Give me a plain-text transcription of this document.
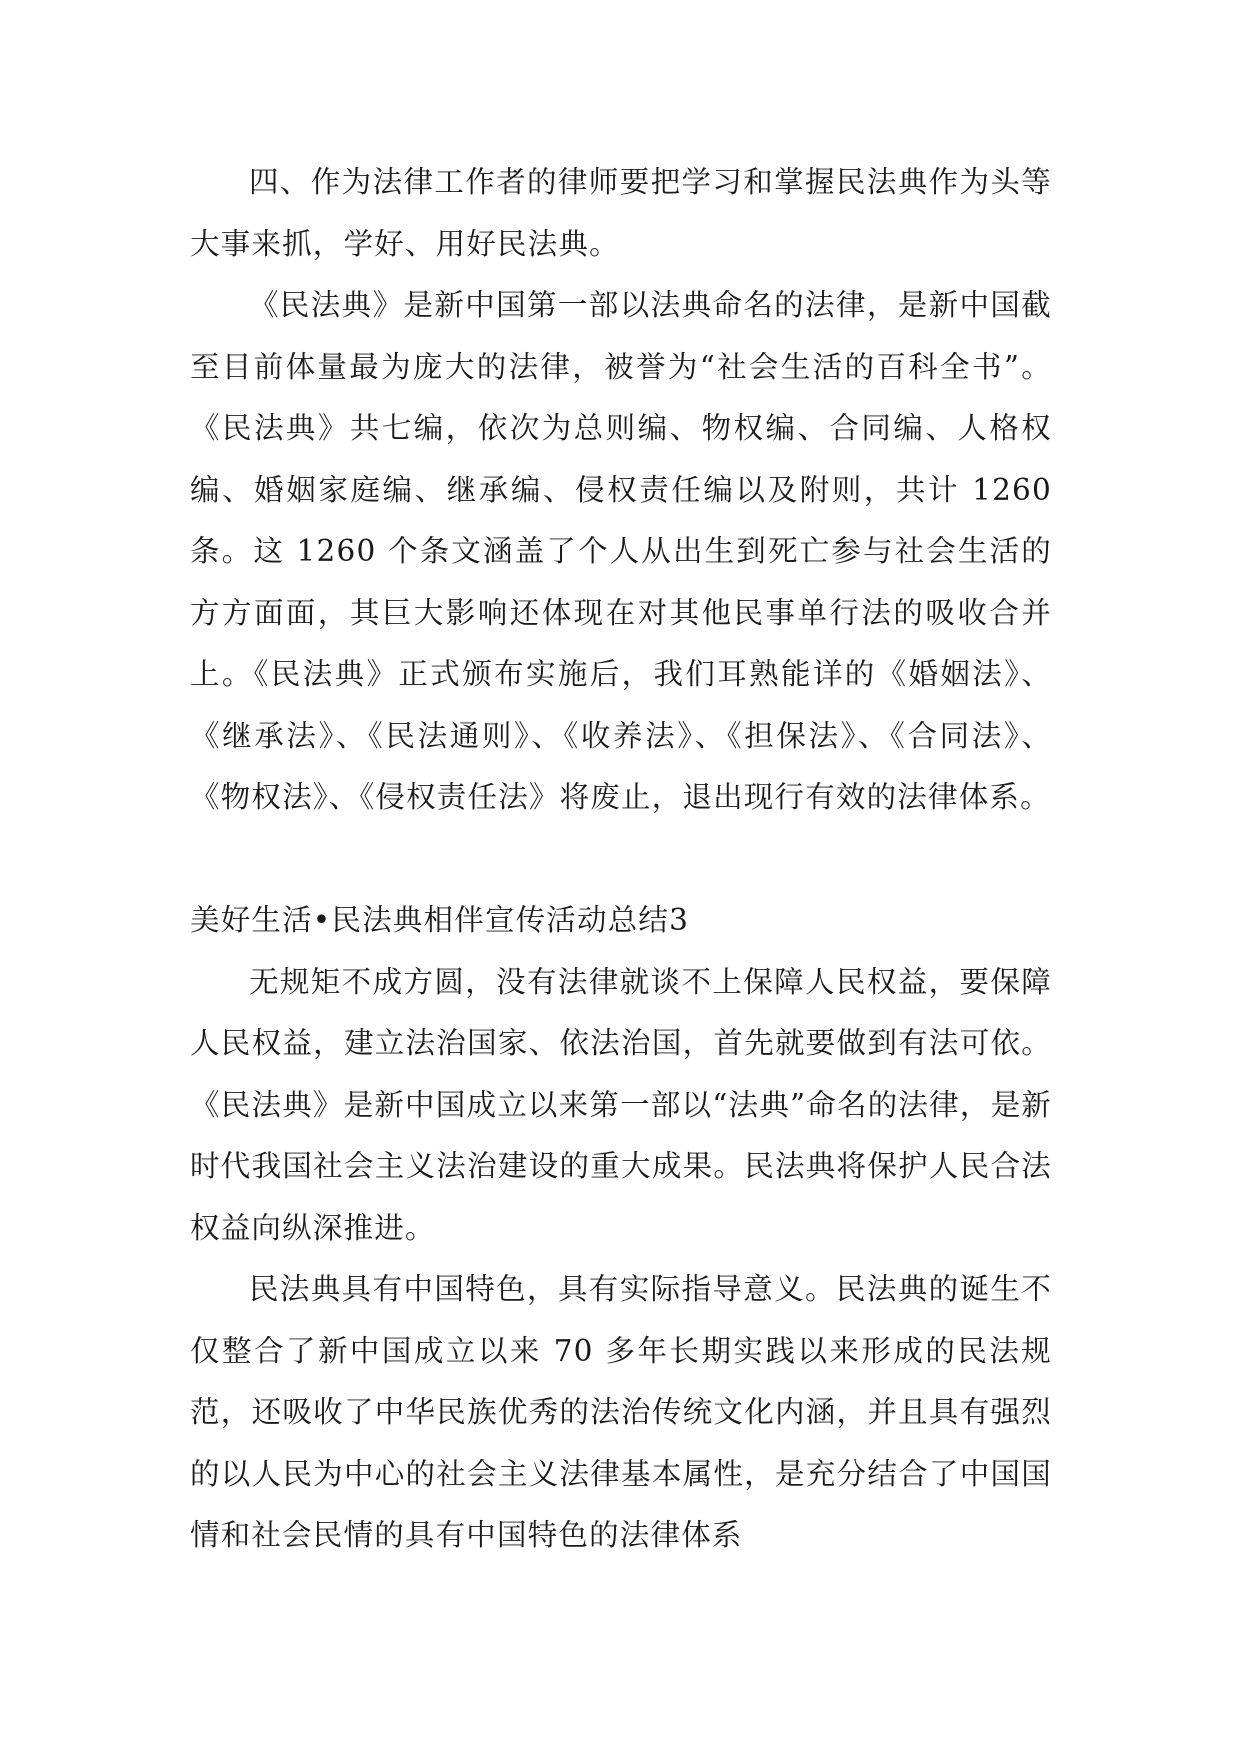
四、作为法律工作者的律师要把学习和掌握民法典作为头等大事来抓，学好、用好民法典。

《民法典》是新中国第一部以法典命名的法律，是新中国截至目前体量最为庞大的法律，被誉为“社会生活的百科全书”。《民法典》共七编，依次为总则编、物权编、合同编、人格权编、婚姻家庭编、继承编、侵权责任编以及附则，共计 1260 条。这 1260 个条文涵盖了个人从出生到死亡参与社会生活的方方面面，其巨大影响还体现在对其他民事单行法的吸收合并上。《民法典》正式颁布实施后，我们耳熟能详的《婚姻法》、《继承法》、《民法通则》、《收养法》、《担保法》、《合同法》、《物权法》、《侵权责任法》将废止，退出现行有效的法律体系。

美好生活•民法典相伴宣传活动总结3

无规矩不成方圆，没有法律就谈不上保障人民权益，要保障人民权益，建立法治国家、依法治国，首先就要做到有法可依。《民法典》是新中国成立以来第一部以“法典”命名的法律，是新时代我国社会主义法治建设的重大成果。民法典将保护人民合法权益向纵深推进。

民法典具有中国特色，具有实际指导意义。民法典的诞生不仅整合了新中国成立以来 70 多年长期实践以来形成的民法规范，还吸收了中华民族优秀的法治传统文化内涵，并且具有强烈的以人民为中心的社会主义法律基本属性，是充分结合了中国国情和社会民情的具有中国特色的法律体系
